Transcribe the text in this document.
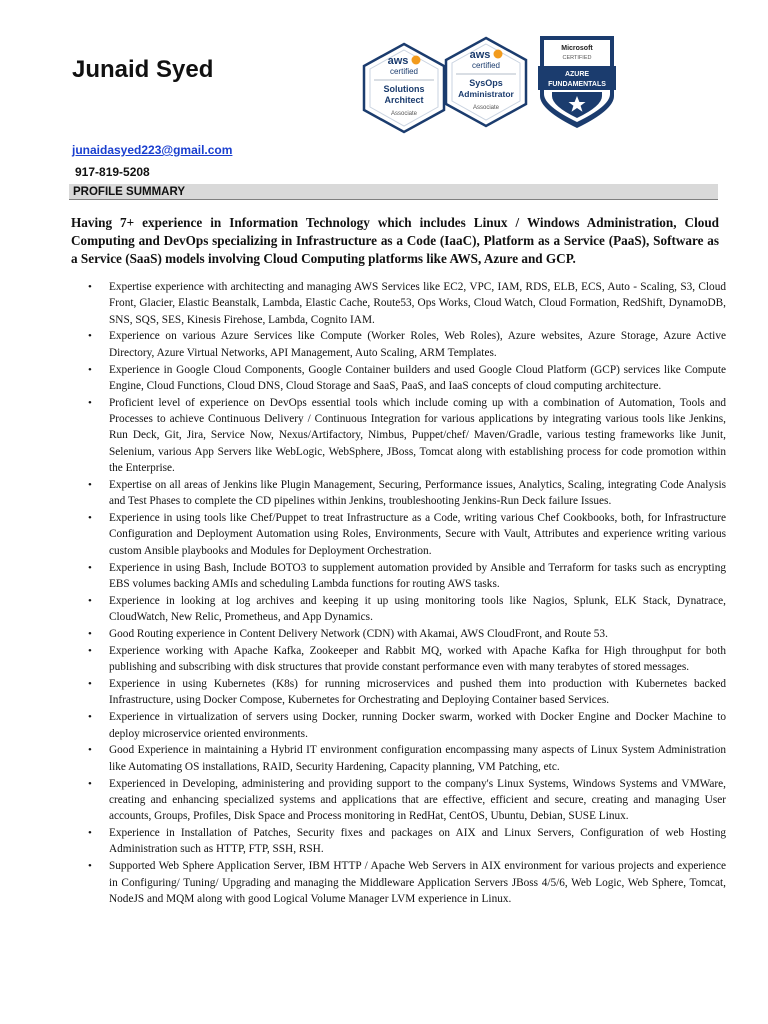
Junaid Syed	aws
certified
Solutions
Architect
Associate
aws
certified
SysOps
Administrator
Associate
Microsoft
CERTIFIED
AZURE
FUNDAMENTALS
junaidasyed223@gmail.com
917-819-5208
PROFILE SUMMARY
Having 7+ experience in Information Technology which includes Linux / Windows Administration, Cloud Computing and DevOps specializing in Infrastructure as a Code (IaaC), Platform as a Service (PaaS), Software as a Service (SaaS) models involving Cloud Computing platforms like AWS, Azure and GCP.
• Expertise experience with architecting and managing AWS Services like EC2, VPC, IAM, RDS, ELB, ECS, Auto - Scaling, S3, Cloud Front, Glacier, Elastic Beanstalk, Lambda, Elastic Cache, Route53, Ops Works, Cloud Watch, Cloud Formation, RedShift, DynamoDB, SNS, SQS, SES, Kinesis Firehose, Lambda, Cognito IAM.
• Experience on various Azure Services like Compute (Worker Roles, Web Roles), Azure websites, Azure Storage, Azure Active Directory, Azure Virtual Networks, API Management, Auto Scaling, ARM Templates.
• Experience in Google Cloud Components, Google Container builders and used Google Cloud Platform (GCP) services like Compute Engine, Cloud Functions, Cloud DNS, Cloud Storage and SaaS, PaaS, and IaaS concepts of cloud computing architecture.
• Proficient level of experience on DevOps essential tools which include coming up with a combination of Automation, Tools and Processes to achieve Continuous Delivery / Continuous Integration for various applications by integrating various tools like Jenkins, Run Deck, Git, Jira, Service Now, Nexus/Artifactory, Nimbus, Puppet/chef/ Maven/Gradle, various testing frameworks like Junit, Selenium, various App Servers like WebLogic, WebSphere, JBoss, Tomcat along with establishing process for code promotion within the Enterprise.
• Expertise on all areas of Jenkins like Plugin Management, Securing, Performance issues, Analytics, Scaling, integrating Code Analysis and Test Phases to complete the CD pipelines within Jenkins, troubleshooting Jenkins-Run Deck failure Issues.
• Experience in using tools like Chef/Puppet to treat Infrastructure as a Code, writing various Chef Cookbooks, both, for Infrastructure Configuration and Deployment Automation using Roles, Environments, Secure with Vault, Attributes and experience writing various custom Ansible playbooks and Modules for Deployment Orchestration.
• Experience in using Bash, Include BOTO3 to supplement automation provided by Ansible and Terraform for tasks such as encrypting EBS volumes backing AMIs and scheduling Lambda functions for routing AWS tasks.
• Experience in looking at log archives and keeping it up using monitoring tools like Nagios, Splunk, ELK Stack, Dynatrace, CloudWatch, New Relic, Prometheus, and App Dynamics.
• Good Routing experience in Content Delivery Network (CDN) with Akamai, AWS CloudFront, and Route 53.
• Experience working with Apache Kafka, Zookeeper and Rabbit MQ, worked with Apache Kafka for High throughput for both publishing and subscribing with disk structures that provide constant performance even with many terabytes of stored messages.
• Experience in using Kubernetes (K8s) for running microservices and pushed them into production with Kubernetes backed Infrastructure, using Docker Compose, Kubernetes for Orchestrating and Deploying Container based Services.
• Experience in virtualization of servers using Docker, running Docker swarm, worked with Docker Engine and Docker Machine to deploy microservice oriented environments.
• Good Experience in maintaining a Hybrid IT environment configuration encompassing many aspects of Linux System Administration like Automating OS installations, RAID, Security Hardening, Capacity planning, VM Patching, etc.
• Experienced in Developing, administering and providing support to the company's Linux Systems, Windows Systems and VMWare, creating and enhancing specialized systems and applications that are effective, efficient and secure, creating and managing User accounts, Groups, Profiles, Disk Space and Process monitoring in RedHat, CentOS, Ubuntu, Debian, SUSE Linux.
• Experience in Installation of Patches, Security fixes and packages on AIX and Linux Servers, Configuration of web Hosting Administration such as HTTP, FTP, SSH, RSH.
• Supported Web Sphere Application Server, IBM HTTP / Apache Web Servers in AIX environment for various projects and experience in Configuring/ Tuning/ Upgrading and managing the Middleware Application Servers JBoss 4/5/6, Web Logic, Web Sphere, Tomcat, NodeJS and MQM along with good Logical Volume Manager LVM experience in Linux.
